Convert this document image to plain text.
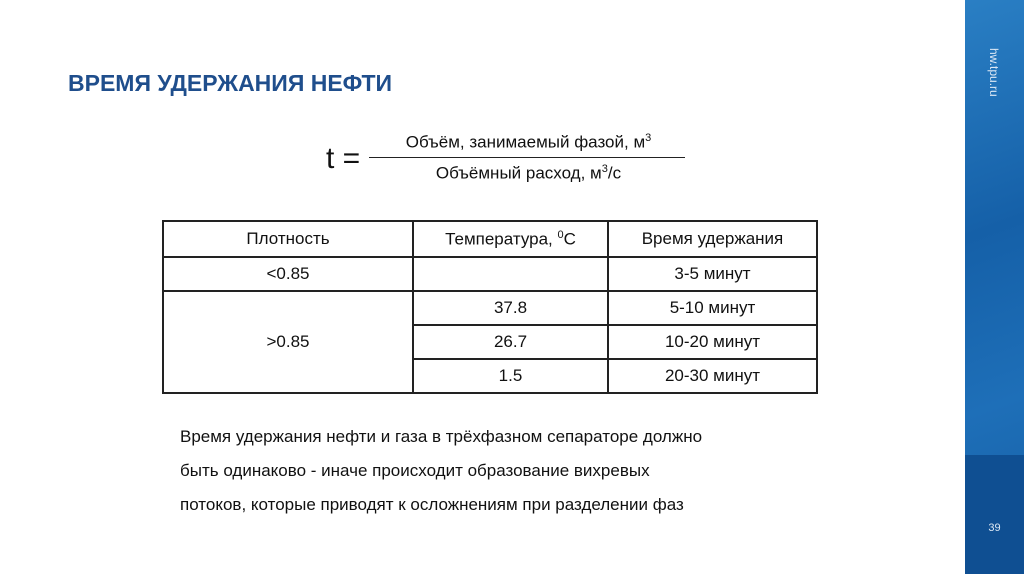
ВРЕМЯ УДЕРЖАНИЯ НЕФТИ
t =	Объём, занимаемый фазой, $м^3$
Объёмный расход, $м^3/с$
Плотность	Температура, $^0$С	Время удержания
<0.85		3-5 минут
>0.85	37.8	5-10 минут
	26.7	10-20 минут
	1.5	20-30 минут
Время удержания нефти и газа в трёхфазном сепараторе должно
быть одинаково - иначе происходит образование вихревых
потоков, которые приводят к осложнениям при разделении фаз
hw.tpu.ru
39
